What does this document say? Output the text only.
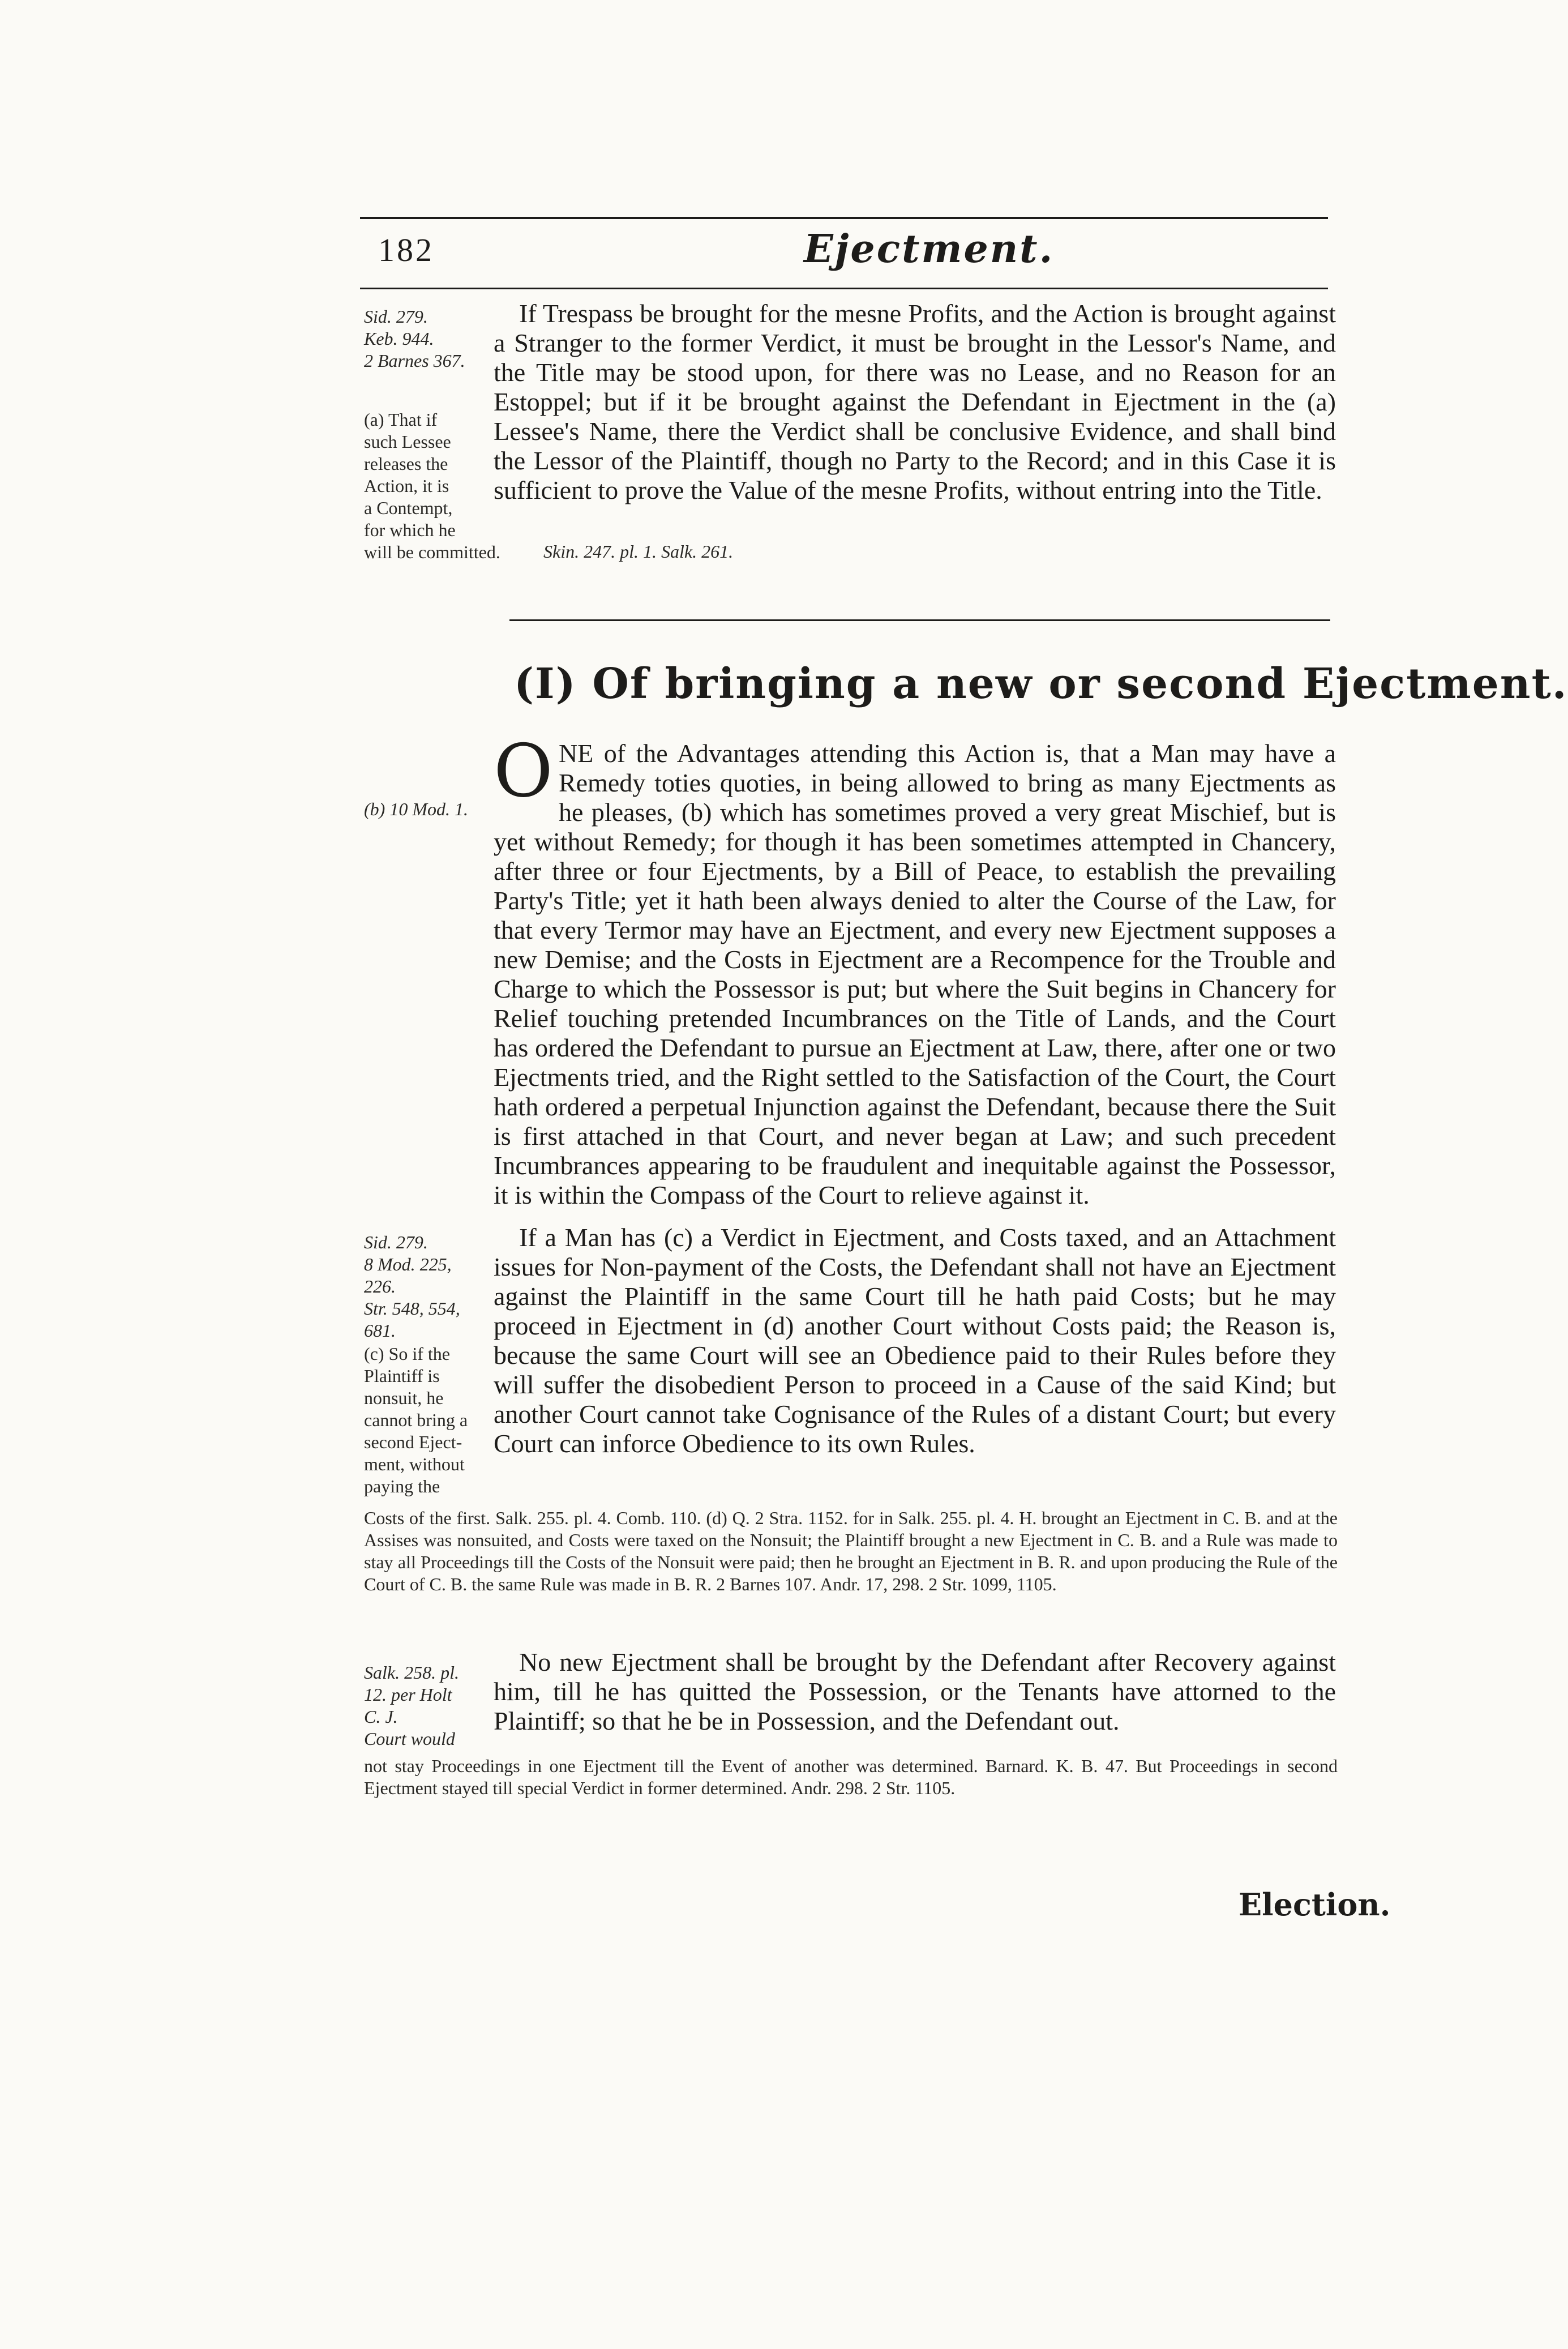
182	Ejectment.
Sid. 279.
Keb. 944.
2 Barnes 367.
(a) That if
such Lessee
releases the
Action, it is
a Contempt,
for which he
will be committed.
If Trespass be brought for the mesne Profits, and the Action is brought against a Stranger to the former Verdict, it must be brought in the Lessor's Name, and the Title may be stood upon, for there was no Lease, and no Reason for an Estoppel; but if it be brought against the Defendant in Ejectment in the (a) Lessee's Name, there the Verdict shall be conclusive Evidence, and shall bind the Lessor of the Plaintiff, though no Party to the Record; and in this Case it is sufficient to prove the Value of the mesne Profits, without entring into the Title.
Skin. 247. pl. 1. Salk. 261.
(I) Of bringing a new or second Ejectment.
(b) 10 Mod. 1. ONE of the Advantages attending this Action is, that a Man may have a Remedy toties quoties, in being allowed to bring as many Ejectments as he pleases, (b) which has sometimes proved a very great Mischief, but is yet without Remedy; for though it has been sometimes attempted in Chancery, after three or four Ejectments, by a Bill of Peace, to establish the prevailing Party's Title; yet it hath been always denied to alter the Course of the Law, for that every Termor may have an Ejectment, and every new Ejectment supposes a new Demise; and the Costs in Ejectment are a Recompence for the Trouble and Charge to which the Possessor is put; but where the Suit begins in Chancery for Relief touching pretended Incumbrances on the Title of Lands, and the Court has ordered the Defendant to pursue an Ejectment at Law, there, after one or two Ejectments tried, and the Right settled to the Satisfaction of the Court, the Court hath ordered a perpetual Injunction against the Defendant, because there the Suit is first attached in that Court, and never began at Law; and such precedent Incumbrances appearing to be fraudulent and inequitable against the Possessor, it is within the Compass of the Court to relieve against it.
Sid. 279.
8 Mod. 225,
226.
Str. 548, 554,
681.
(c) So if the
Plaintiff is
nonsuit, he
cannot bring a
second Eject-
ment, without
paying the
If a Man has (c) a Verdict in Ejectment, and Costs taxed, and an Attachment issues for Non-payment of the Costs, the Defendant shall not have an Ejectment against the Plaintiff in the same Court till he hath paid Costs; but he may proceed in Ejectment in (d) another Court without Costs paid; the Reason is, because the same Court will see an Obedience paid to their Rules before they will suffer the disobedient Person to proceed in a Cause of the said Kind; but another Court cannot take Cognisance of the Rules of a distant Court; but every Court can inforce Obedience to its own Rules.
Costs of the first. Salk. 255. pl. 4. Comb. 110. (d) Q. 2 Stra. 1152. for in Salk. 255. pl. 4. H. brought an Ejectment in C. B. and at the Assises was nonsuited, and Costs were taxed on the Nonsuit; the Plaintiff brought a new Ejectment in C. B. and a Rule was made to stay all Proceedings till the Costs of the Nonsuit were paid; then he brought an Ejectment in B. R. and upon producing the Rule of the Court of C. B. the same Rule was made in B. R. 2 Barnes 107. Andr. 17, 298. 2 Str. 1099, 1105.
Salk. 258. pl.
12. per Holt
C. J.
Court would
No new Ejectment shall be brought by the Defendant after Recovery against him, till he has quitted the Possession, or the Tenants have attorned to the Plaintiff; so that he be in Possession, and the Defendant out.
not stay Proceedings in one Ejectment till the Event of another was determined. Barnard. K. B. 47. But Proceedings in second Ejectment stayed till special Verdict in former determined. Andr. 298. 2 Str. 1105.
Election.
